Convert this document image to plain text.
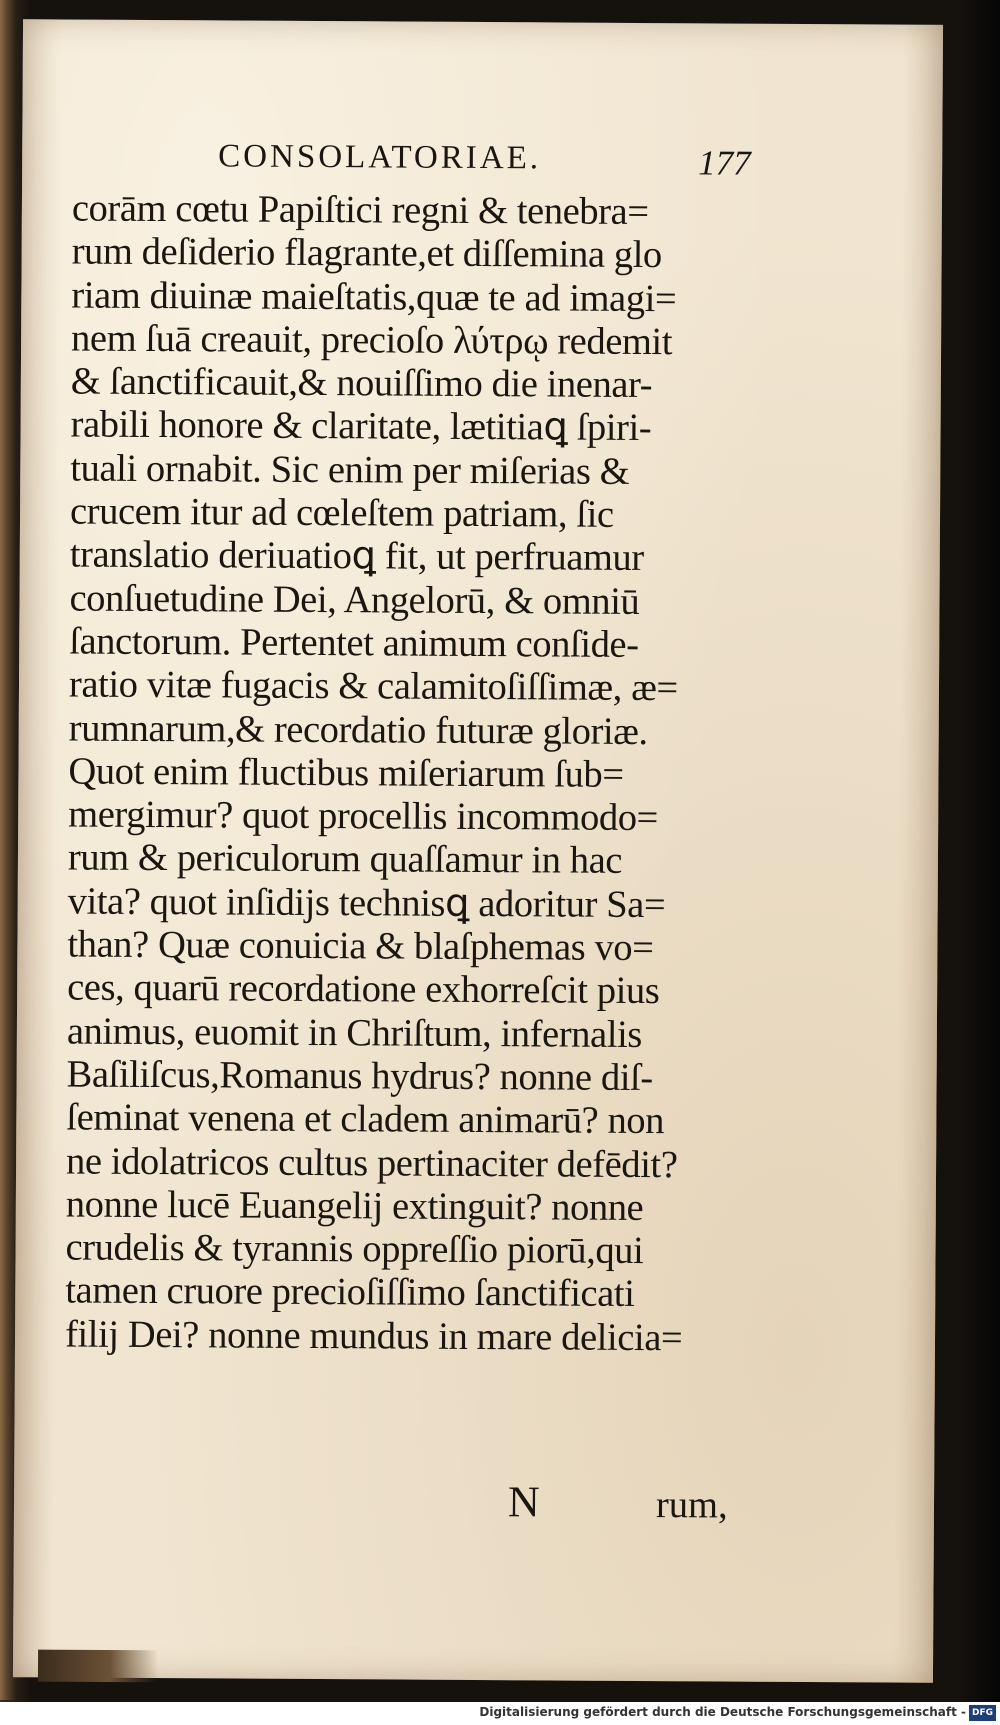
CONSOLATORIAE.	177
corām cœtu Papiſtici regni & tenebra=
rum deſiderio flagrante,et diſſemina glo
riam diuinæ maieſtatis,quæ te ad imagi=
nem ſuā creauit, precioſo λύτρῳ redemit
& ſanctificauit,& nouiſſimo die inenar-
rabili honore & claritate, lætitiaꝗ ſpiri-
tuali ornabit. Sic enim per miſerias &
crucem itur ad cœleſtem patriam, ſic
translatio deriuatioꝗ fit, ut perfruamur
conſuetudine Dei, Angelorū, & omniū
ſanctorum. Pertentet animum conſide-
ratio vitæ fugacis & calamitoſiſſimæ, æ=
rumnarum,& recordatio futuræ gloriæ.
Quot enim fluctibus miſeriarum ſub=
mergimur? quot procellis incommodo=
rum & periculorum quaſſamur in hac
vita? quot inſidijs technisꝗ adoritur Sa=
than? Quæ conuicia & blaſphemas vo=
ces, quarū recordatione exhorreſcit pius
animus, euomit in Chriſtum, infernalis
Baſiliſcus,Romanus hydrus? nonne diſ-
ſeminat venena et cladem animarū? non
ne idolatricos cultus pertinaciter defēdit?
nonne lucē Euangelij extinguit? nonne
crudelis & tyrannis oppreſſio piorū,qui
tamen cruore precioſiſſimo ſanctificati
filij Dei? nonne mundus in mare delicia=
N	rum,
Digitalisierung gefördert durch die Deutsche Forschungsgemeinschaft - DFG
